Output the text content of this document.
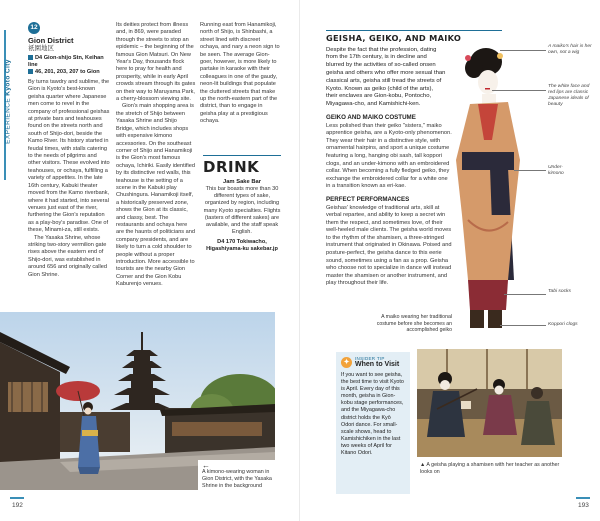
EXPERIENCE Kyoto City
12
Gion District
祇園地区
D4 Gion-shijo Stn, Keihan line
46, 201, 203, 207 to Gion

By turns tawdry and sublime, the Gion is Kyoto's best-known geisha quarter where Japanese men come to revel in the company of professional geishas at private bars and teahouses found on the streets north and south of Shijo-dori, beside the Kamo River. Its history started in feudal times, with stalls catering to the needs of pilgrims and other visitors. These evolved into teahouses, or ochaya, fulfilling a variety of appetites. In the late 16th century, Kabuki theater moved from the Kamo riverbank, where it had started, into several venues just east of the river, furthering the Gion's reputation as a play-boy's paradise. One of these, Minami-za, still exists.

The Yasaka Shrine, whose striking two-story vermilion gate rises above the eastern end of Shijo-dori, was established in around 656 and originally called Gion Shrine.

Its deities protect from illness and, in 869, were paraded through the streets to stop an epidemic – the beginning of the famous Gion Matsuri. On New Year's Day, thousands flock here to pray for health and prosperity, while in early April crowds stream through its gates on their way to Maruyama Park, a cherry-blossom viewing site.

Gion's main shopping area is the stretch of Shijo between Yasaka Shrine and Shijo Bridge, which includes shops with expensive kimono accessories. On the southeast corner of Shijo and Hanamikoji is the Gion's most famous ochaya, Ichiriki. Easily identified by its distinctive red walls, this teahouse is the setting of a scene in the Kabuki play Chushingura. Hanamikoji itself, a historically preserved zone, shows the Gion at its classic, and classy, best. The restaurants and ochaya here are the haunts of politicians and company presidents, and are likely to turn a cold shoulder to people without a proper introduction. More accessible to tourists are the nearby Gion Corner and the Gion Kobu Kaburenjo venues.

Running east from Hanamikoji, north of Shijo, is Shinbashi, a street lined with discreet ochaya, and nary a neon sign to be seen. The average Gion-goer, however, is more likely to partake in karaoke with their colleagues in one of the gaudy, neon-lit buildings that populate the cluttered streets that make up the north-eastern part of the district, than to engage in geisha play at a prestigious ochaya.

DRINK
Jam Sake Bar
This bar boasts more than 30 different types of sake, organized by region, including many Kyoto specialties. Flights (tasters of different sakes) are available, and the staff speak English.
D4 170 Tokiwacho, Higashiyama-ku sakebar.jp
←
A kimono-wearing woman in Gion District, with the Yasaka Shrine in the background
192
GEISHA, GEIKO, AND MAIKO

Despite the fact that the profession, dating from the 17th century, is in decline and blurred by the activities of so-called onsen geisha and others who offer more sexual than classical arts, geisha still tread the streets of Kyoto. Known as geiko (child of the arts), their enclaves are Gion-kobu, Pontocho, Miyagawa-cho, and Kamishichi-ken.

GEIKO AND MAIKO COSTUME

Less polished than their geiko "sisters," maiko apprentice geisha, are a Kyoto-only phenomenon. They wear their hair in a distinctive style, with ornamental hairpins, and sport a unique costume featuring a long, hanging obi sash, tall koppori clogs, and an under-kimono with an embroidered collar. When becoming a fully fledged geiko, they exchange the embroidered collar for a white one in a transition known as eri-kae.

PERFECT PERFORMANCES

Geishas' knowledge of traditional arts, skill at verbal repartee, and ability to keep a secret win them the respect, and sometimes love, of their well-heeled male clients. The geisha world moves to the rhythm of the shamisen, a three-stringed instrument that originated in Okinawa. Poised and posture-perfect, the geisha dance to this eerie sound, sometimes using a fan as a prop. Geisha who choose not to specialize in dance will instead master the shamisen or another instrument, and play throughout their life.

A maiko's hair is her own, not a wig
The white face and red lips are classic Japanese ideals of beauty
Under-kimono
Tabi socks
Koppori clogs
A maiko wearing her traditional costume before she becomes an accomplished geiko
✦	INSIDER TIP
When to Visit
If you want to see geisha, the best time to visit Kyoto is April. Every day of this month, geisha in Gion-kobu stage performances, and the Miyagawa-cho district holds the Kyō Odori dance. For small-scale shows, head to Kamishichiken in the last two weeks of April for Kitano Odori.
▲ A geisha playing a shamisen with her teacher as another looks on
193
